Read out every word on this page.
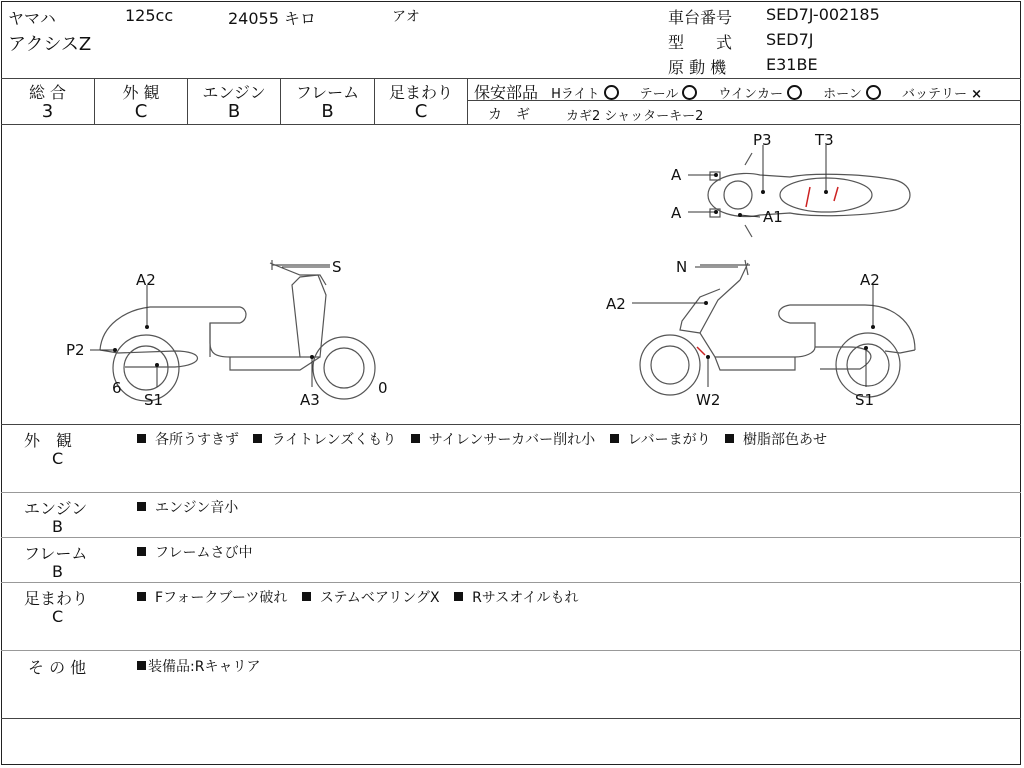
ヤマハ	125cc	24055 キロ	アオ
アクシスZ
車台番号 SED7J-002185
型　　式 SED7J
原 動 機 E31BE
総 合	外 観	エンジン	フレーム	足まわり
3	C	B	B	C
保安部品 Hライト	テール	ウインカー	ホーン	バッテリー ×
カ　ギ	カギ2 シャッターキー2
S
A2
P2
6
S1	A3
0
N
A2
A2
W2	S1
P3	T3
A
A	A1
外　観
C
各所うすきず ライトレンズくもり サイレンサーカバー削れ小 レバーまがり 樹脂部色あせ
エンジン
B
エンジン音小
フレーム
B
フレームさび中
足まわり
C
Fフォークブーツ破れ ステムベアリングX Rサスオイルもれ
そ の 他	装備品:Rキャリア
